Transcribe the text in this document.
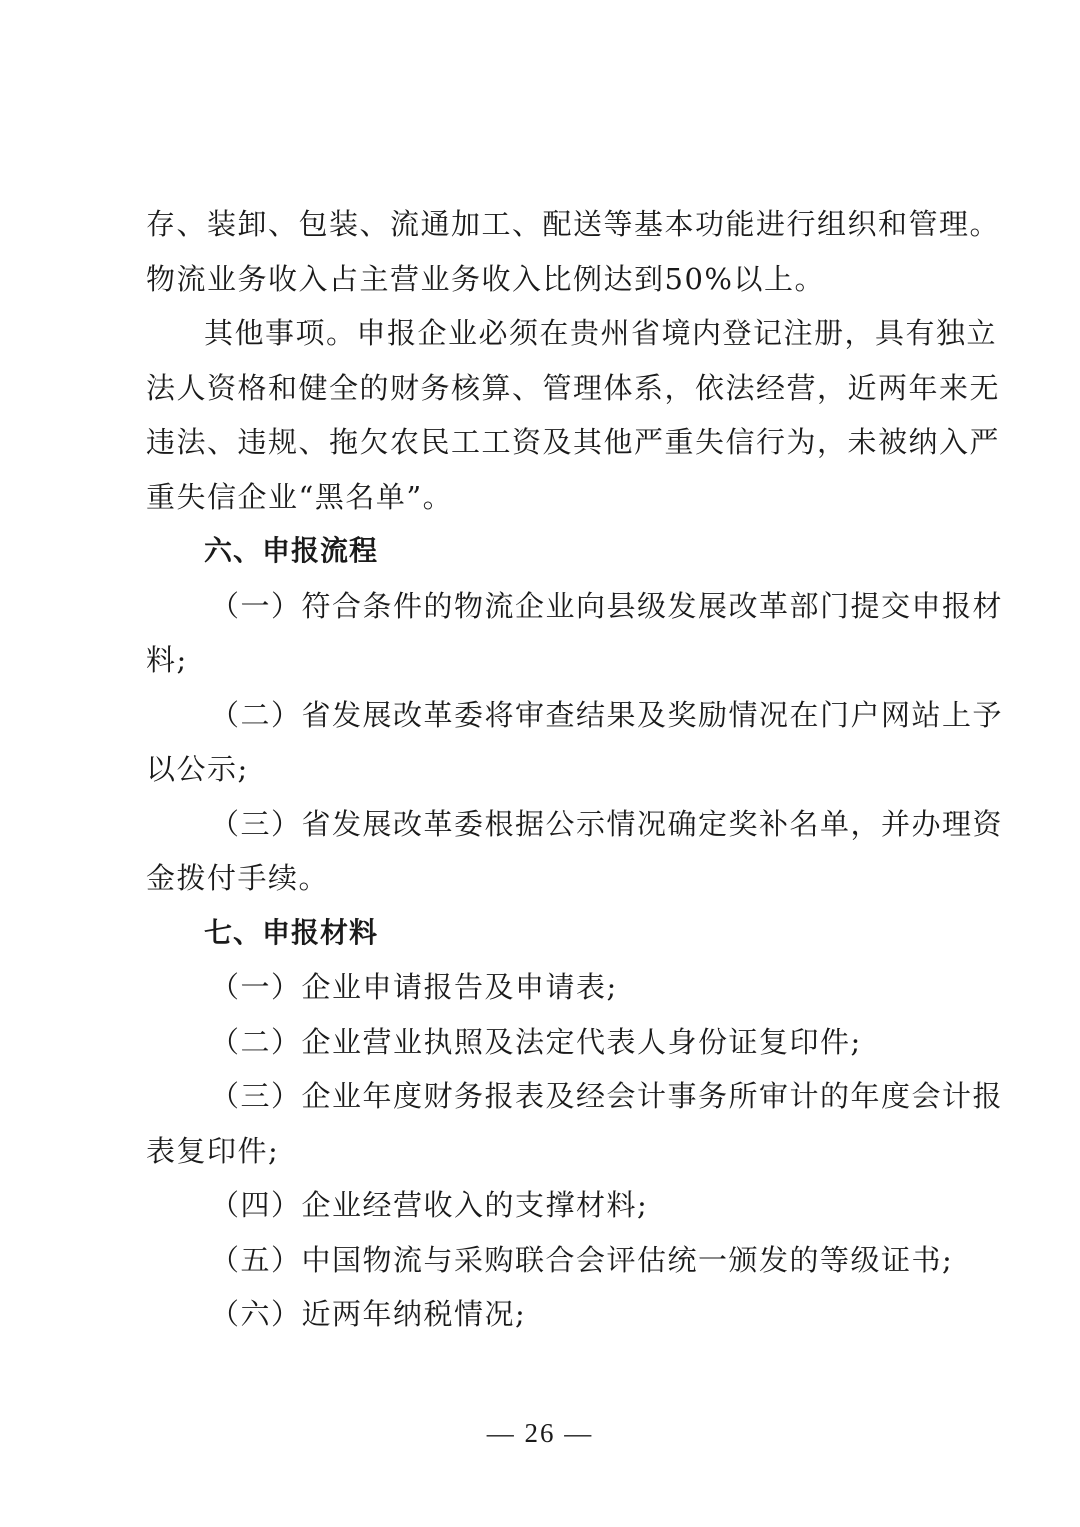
存、装卸、包装、流通加工、配送等基本功能进行组织和管理。
物流业务收入占主营业务收入比例达到50%以上。
其他事项。申报企业必须在贵州省境内登记注册，具有独立
法人资格和健全的财务核算、管理体系，依法经营，近两年来无
违法、违规、拖欠农民工工资及其他严重失信行为，未被纳入严
重失信企业“黑名单”。
六、申报流程
（一）符合条件的物流企业向县级发展改革部门提交申报材
料;
（二）省发展改革委将审查结果及奖励情况在门户网站上予
以公示;
（三）省发展改革委根据公示情况确定奖补名单，并办理资
金拨付手续。
七、申报材料
（一）企业申请报告及申请表;
（二）企业营业执照及法定代表人身份证复印件;
（三）企业年度财务报表及经会计事务所审计的年度会计报
表复印件;
（四）企业经营收入的支撑材料;
（五）中国物流与采购联合会评估统一颁发的等级证书;
（六）近两年纳税情况;
— 26 —
